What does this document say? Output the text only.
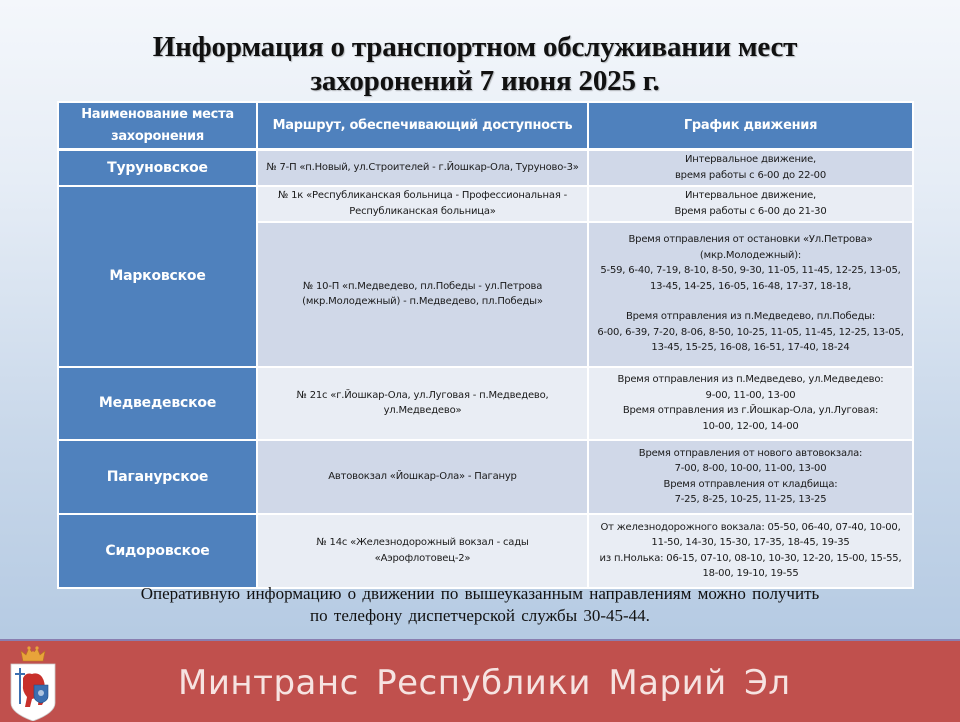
Информация о транспортном обслуживании мест
захоронений 7 июня 2025 г.
Наименование места захоронения	Маршрут, обеспечивающий доступность	График движения
Туруновское	№ 7-П «п.Новый, ул.Строителей - г.Йошкар-Ола, Туруново-3»	Интервальное движение,
время работы с 6-00 до 22-00
Марковское	№ 1к «Республиканская больница - Профессиональная - Республиканская больница»	Интервальное движение,
Время работы с 6-00 до 21-30
	№ 10-П «п.Медведево, пл.Победы - ул.Петрова (мкр.Молодежный) - п.Медведево, пл.Победы»	Время отправления от остановки «Ул.Петрова» (мкр.Молодежный):
5-59, 6-40, 7-19, 8-10, 8-50, 9-30, 11-05, 11-45, 12-25, 13-05, 13-45, 14-25, 16-05, 16-48, 17-37, 18-18,
Время отправления из п.Медведево, пл.Победы:
6-00, 6-39, 7-20, 8-06, 8-50, 10-25, 11-05, 11-45, 12-25, 13-05, 13-45, 15-25, 16-08, 16-51, 17-40, 18-24
Медведевское	№ 21с «г.Йошкар-Ола, ул.Луговая - п.Медведево, ул.Медведево»	Время отправления из п.Медведево, ул.Медведево:
9-00, 11-00, 13-00
Время отправления из г.Йошкар-Ола, ул.Луговая:
10-00, 12-00, 14-00
Паганурское	Автовокзал «Йошкар-Ола» - Паганур	Время отправления от нового автовокзала:
7-00, 8-00, 10-00, 11-00, 13-00
Время отправления от кладбища:
7-25, 8-25, 10-25, 11-25, 13-25
Сидоровское	№ 14с «Железнодорожный вокзал - сады «Аэрофлотовец-2»	От железнодорожного вокзала: 05-50, 06-40, 07-40, 10-00, 11-50, 14-30, 15-30, 17-35, 18-45, 19-35
из п.Нолька: 06-15, 07-10, 08-10, 10-30, 12-20, 15-00, 15-55, 18-00, 19-10, 19-55
Оперативную информацию о движении по вышеуказанным направлениям можно получить
по телефону диспетчерской службы 30-45-44.
Минтранс Республики Марий Эл
